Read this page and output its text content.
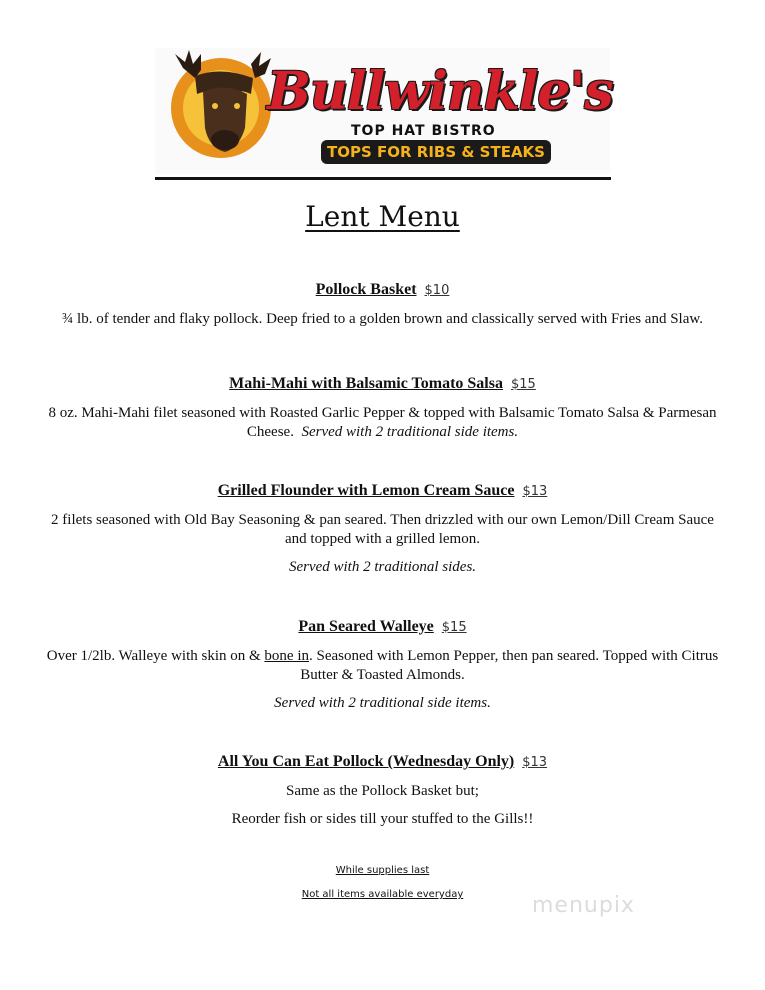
Bullwinkle's
TOP HAT BISTRO
TOPS FOR RIBS & STEAKS
Lent Menu
Pollock Basket $10
¾ lb. of tender and flaky pollock. Deep fried to a golden brown and classically served with Fries and Slaw.
Mahi-Mahi with Balsamic Tomato Salsa $15
8 oz. Mahi-Mahi filet seasoned with Roasted Garlic Pepper & topped with Balsamic Tomato Salsa & Parmesan Cheese. Served with 2 traditional side items.
Grilled Flounder with Lemon Cream Sauce $13
2 filets seasoned with Old Bay Seasoning & pan seared. Then drizzled with our own Lemon/Dill Cream Sauce and topped with a grilled lemon.
Served with 2 traditional sides.
Pan Seared Walleye $15
Over 1/2lb. Walleye with skin on & bone in. Seasoned with Lemon Pepper, then pan seared. Topped with Citrus Butter & Toasted Almonds.
Served with 2 traditional side items.
All You Can Eat Pollock (Wednesday Only) $13
Same as the Pollock Basket but;
Reorder fish or sides till your stuffed to the Gills!!
While supplies last
Not all items available everyday	menupix
